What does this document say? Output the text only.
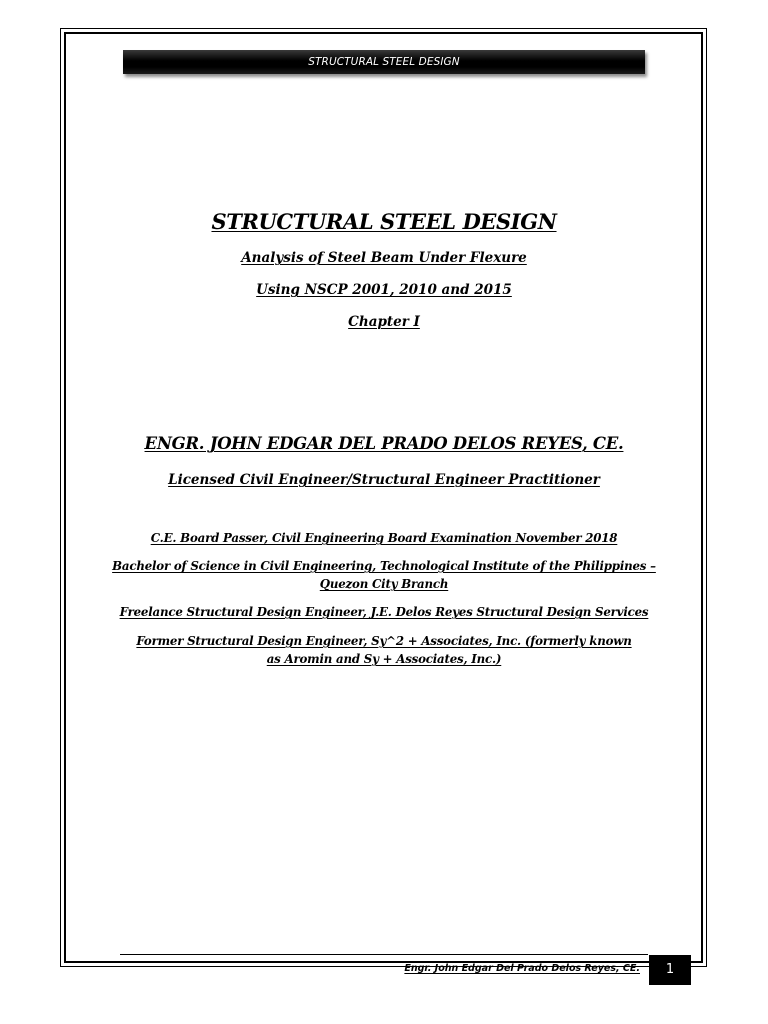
STRUCTURAL STEEL DESIGN
STRUCTURAL STEEL DESIGN
Analysis of Steel Beam Under Flexure
Using NSCP 2001, 2010 and 2015
Chapter I
ENGR. JOHN EDGAR DEL PRADO DELOS REYES, CE.
Licensed Civil Engineer/Structural Engineer Practitioner
C.E. Board Passer, Civil Engineering Board Examination November 2018
Bachelor of Science in Civil Engineering, Technological Institute of the Philippines – Quezon City Branch
Freelance Structural Design Engineer, J.E. Delos Reyes Structural Design Services
Former Structural Design Engineer, Sy^2 + Associates, Inc. (formerly known as Aromin and Sy + Associates, Inc.)
Engr. John Edgar Del Prado Delos Reyes, CE.	1
